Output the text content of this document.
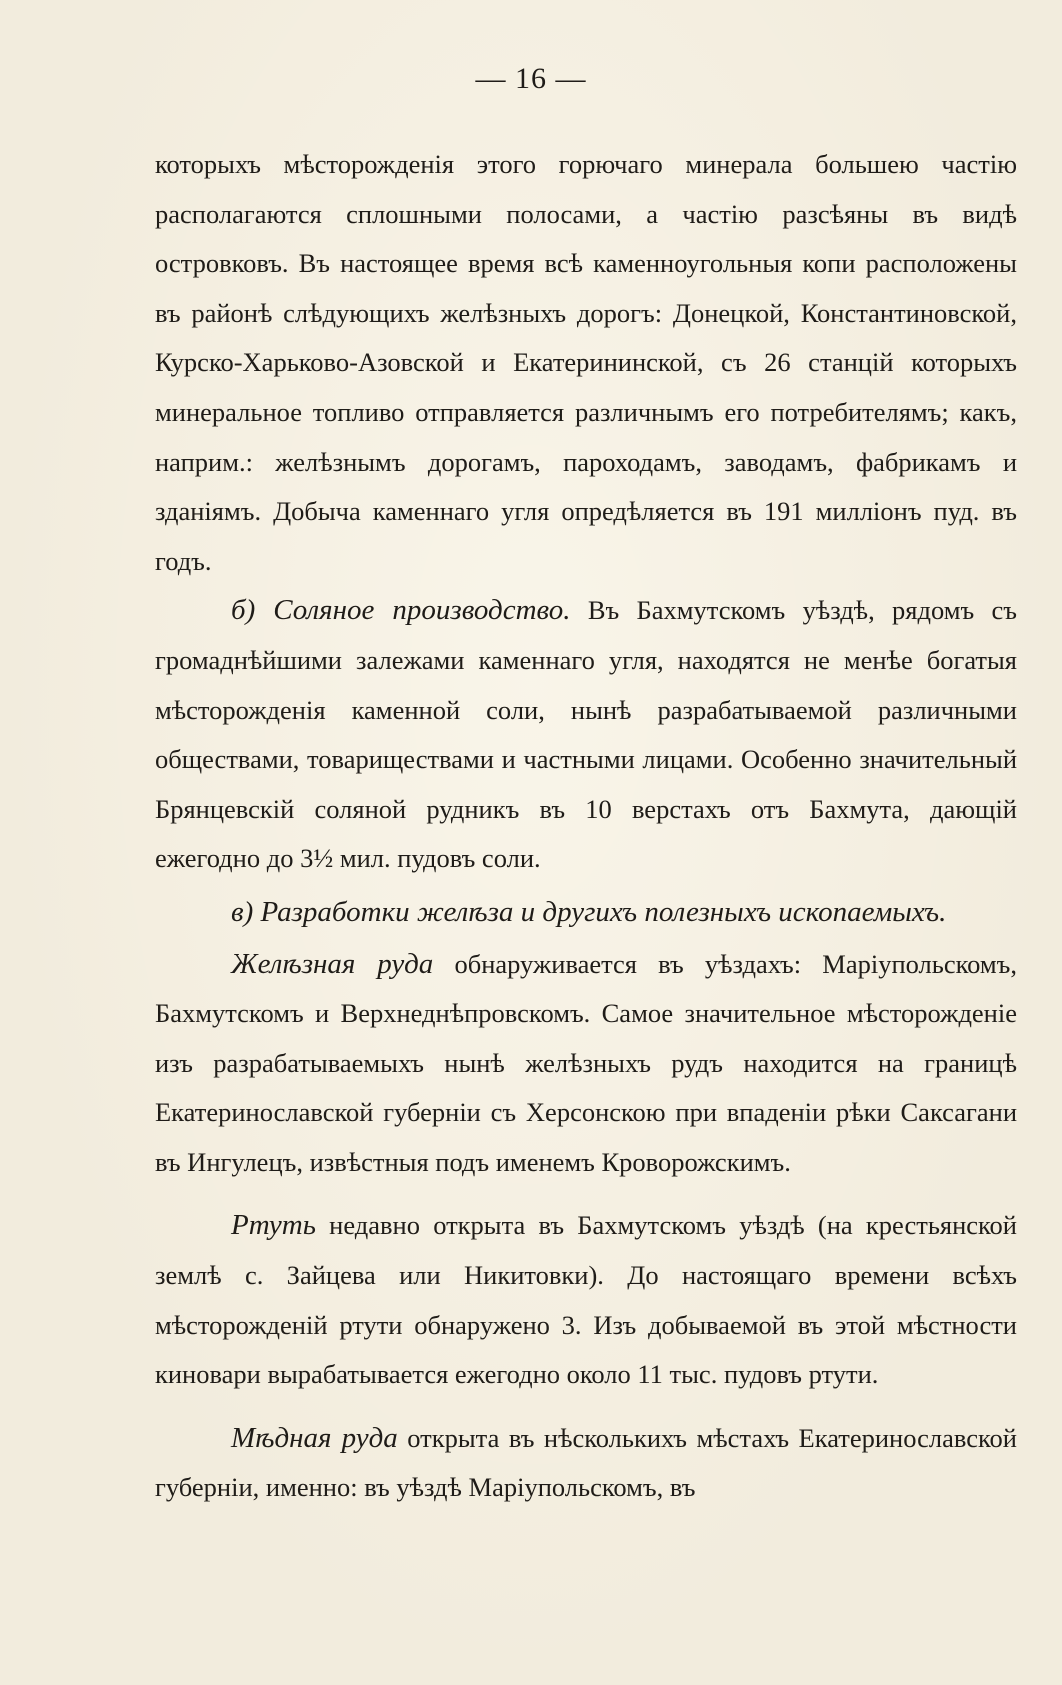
— 16 —

которыхъ мѣсторожденія этого горючаго минерала большею частію располагаются сплошными полосами, а частію разсѣяны въ видѣ островковъ. Въ настоящее время всѣ каменноугольныя копи расположены въ районѣ слѣдующихъ желѣзныхъ дорогъ: Донецкой, Константиновской, Курско-Харьково-Азовской и Екатерининской, съ 26 станцій которыхъ минеральное топливо отправляется различнымъ его потребителямъ; какъ, наприм.: желѣзнымъ дорогамъ, пароходамъ, заводамъ, фабрикамъ и зданіямъ. Добыча каменнаго угля опредѣляется въ 191 милліонъ пуд. въ годъ.

б) Соляное производство. Въ Бахмутскомъ уѣздѣ, рядомъ съ громаднѣйшими залежами каменнаго угля, находятся не менѣе богатыя мѣсторожденія каменной соли, нынѣ разрабатываемой различными обществами, товариществами и частными лицами. Особенно значительный Брянцевскій соляной рудникъ въ 10 верстахъ отъ Бахмута, дающій ежегодно до 3½ мил. пудовъ соли.

в) Разработки желѣза и другихъ полезныхъ ископаемыхъ.

Желѣзная руда обнаруживается въ уѣздахъ: Маріупольскомъ, Бахмутскомъ и Верхнеднѣпровскомъ. Самое значительное мѣсторожденіе изъ разрабатываемыхъ нынѣ желѣзныхъ рудъ находится на границѣ Екатеринославской губерніи съ Херсонскою при впаденіи рѣки Саксагани въ Ингулецъ, извѣстныя подъ именемъ Кроворожскимъ.

Ртуть недавно открыта въ Бахмутскомъ уѣздѣ (на крестьянской землѣ с. Зайцева или Никитовки). До настоящаго времени всѣхъ мѣсторожденій ртути обнаружено 3. Изъ добываемой въ этой мѣстности киновари вырабатывается ежегодно около 11 тыс. пудовъ ртути.

Мѣдная руда открыта въ нѣсколькихъ мѣстахъ Екатеринославской губерніи, именно: въ уѣздѣ Маріупольскомъ, въ
